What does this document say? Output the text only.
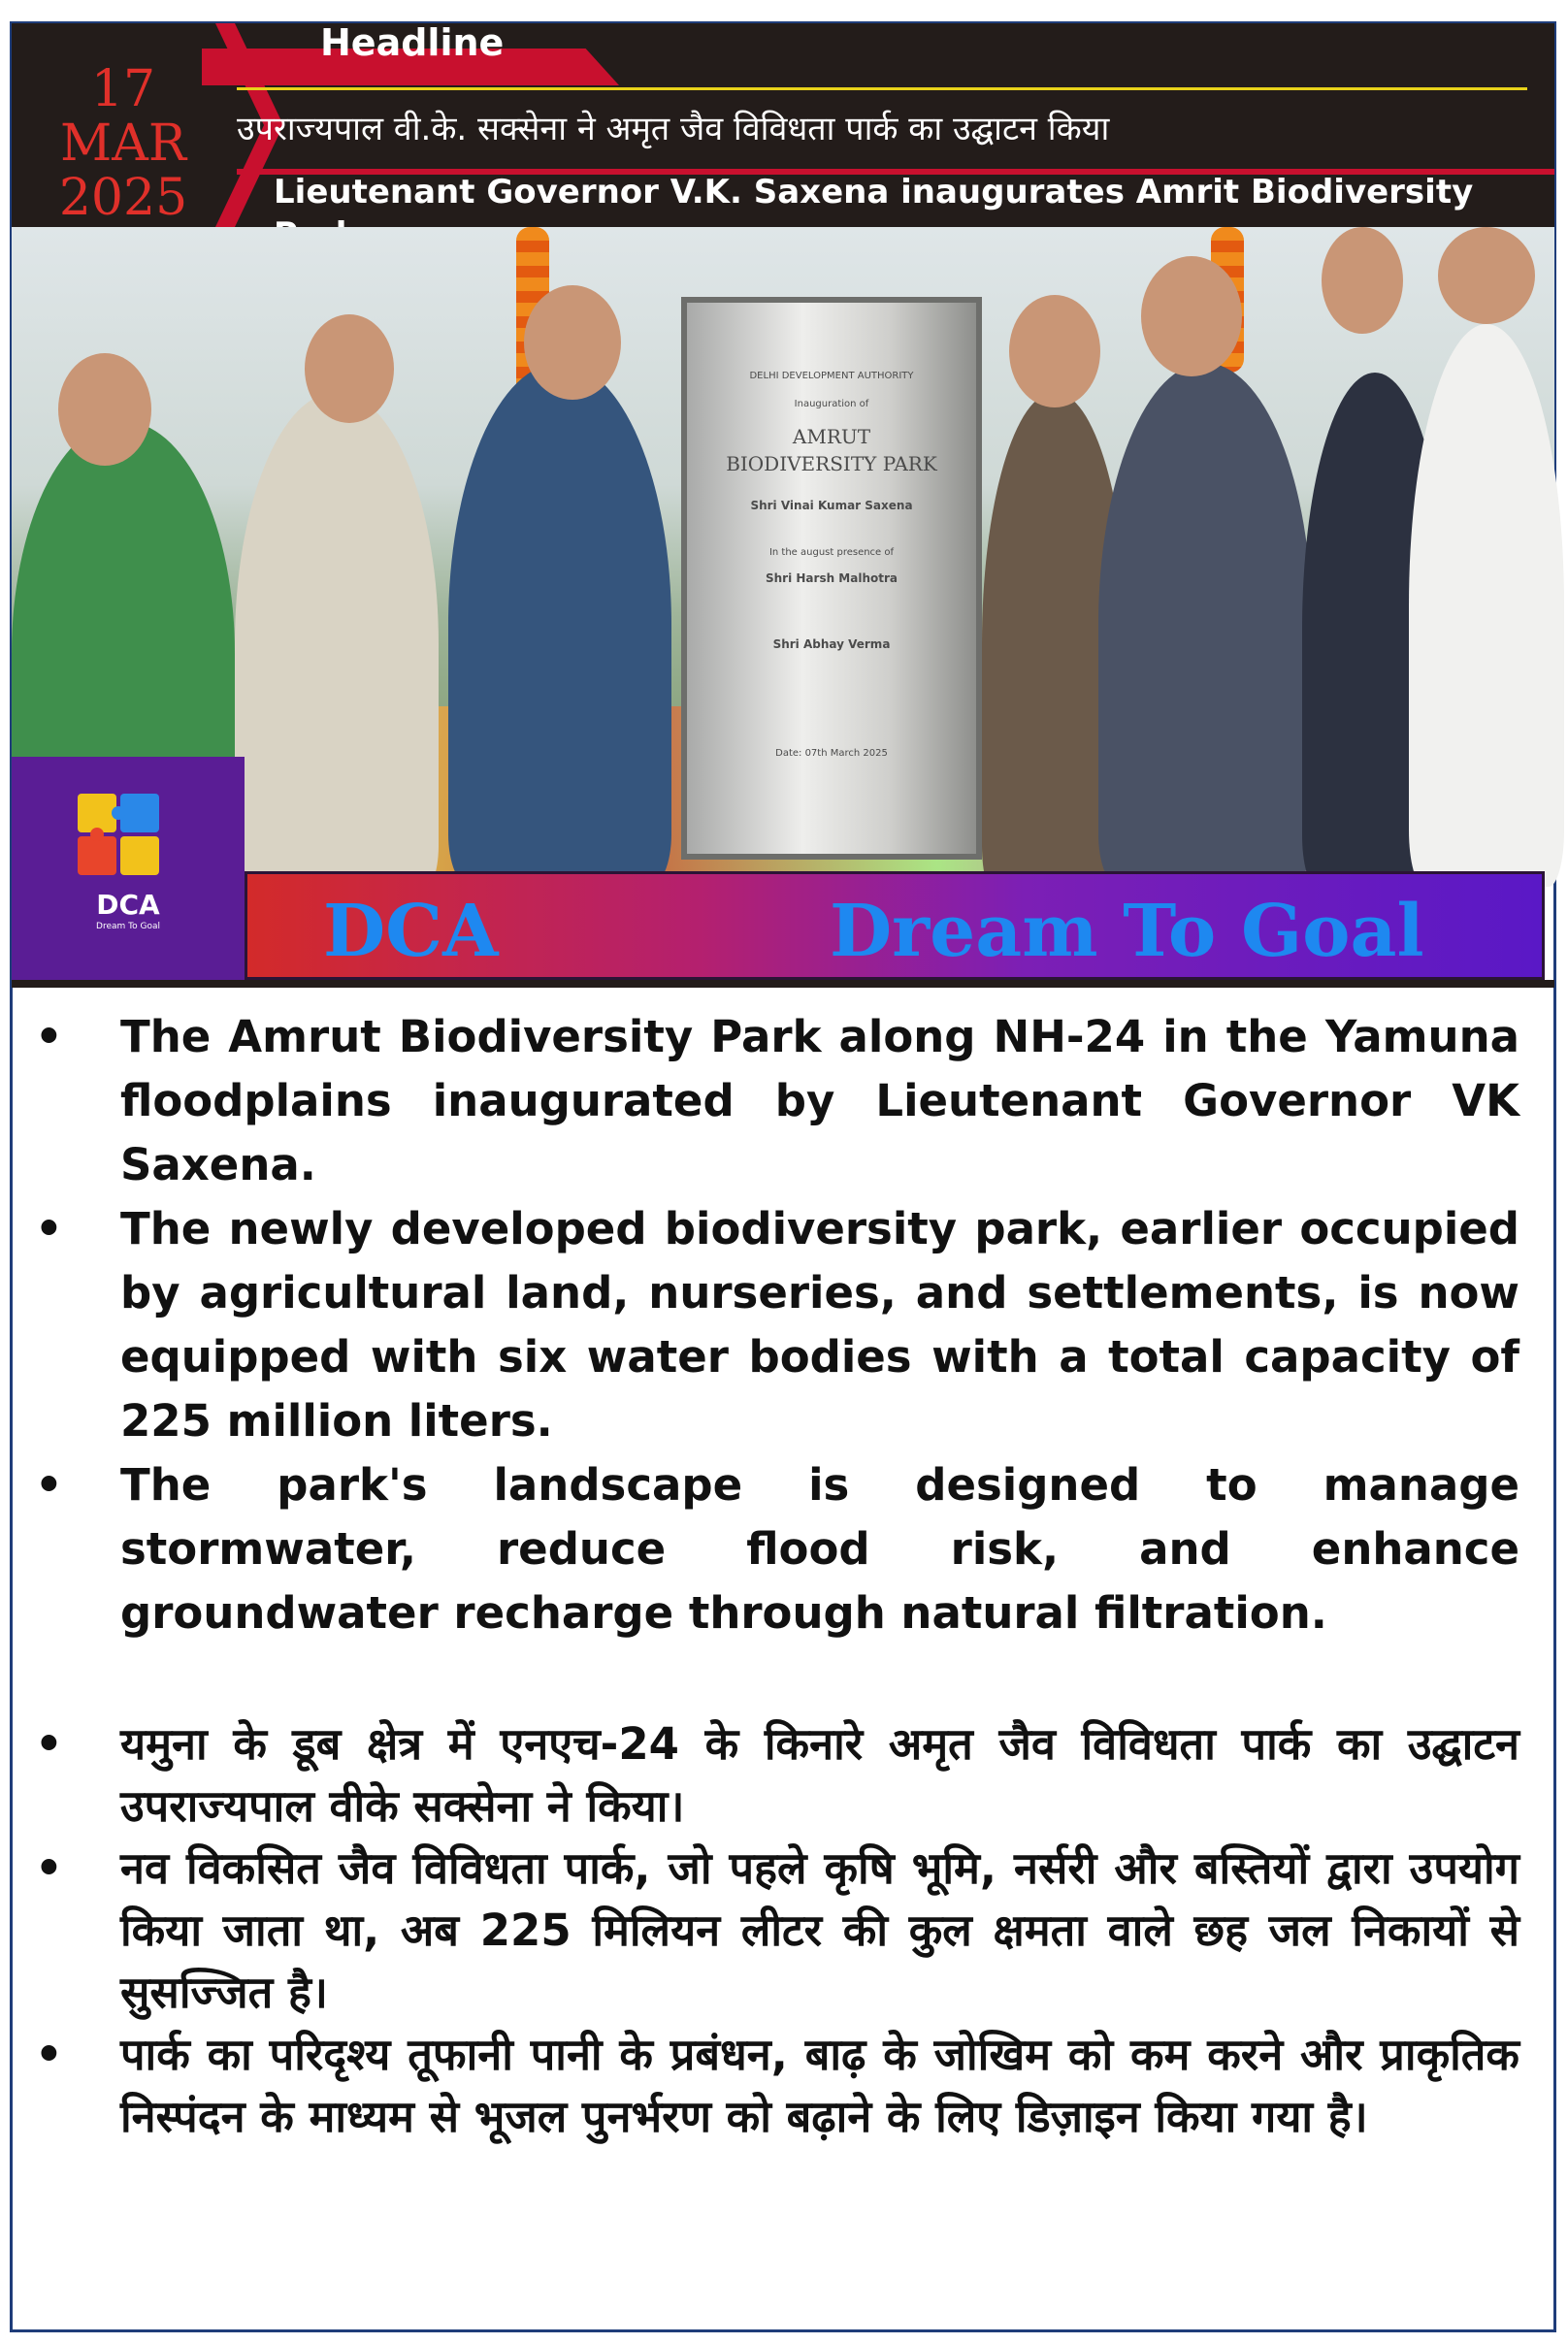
17
MAR
2025
उपराज्यपाल वी.के. सक्सेना ने अमृत जैव विविधता पार्क का उद्घाटन किया
Lieutenant Governor V.K. Saxena inaugurates Amrit Biodiversity
Headline
DELHI DEVELOPMENT AUTHORITY
Inauguration of
AMRUT
BIODIVERSITY PARK
Shri Vinai Kumar Saxena
In the august presence of
Shri Harsh Malhotra
Shri Abhay Verma
Date: 07th March 2025
DCA
Dream To Goal	DCA	Dream To Goal
• The Amrut Biodiversity Park along NH-24 in the Yamuna floodplains inaugurated by Lieutenant Governor VK Saxena.
• The newly developed biodiversity park, earlier occupied by agricultural land, nurseries, and settlements, is now equipped with six water bodies with a total capacity of 225 million liters.
• The park's landscape is designed to manage stormwater, reduce flood risk, and enhance groundwater recharge through natural filtration.
• यमुना के डूब क्षेत्र में एनएच-24 के किनारे अमृत जैव विविधता पार्क का उद्घाटन उपराज्यपाल वीके सक्सेना ने किया।
• नव विकसित जैव विविधता पार्क, जो पहले कृषि भूमि, नर्सरी और बस्तियों द्वारा उपयोग किया जाता था, अब 225 मिलियन लीटर की कुल क्षमता वाले छह जल निकायों से सुसज्जित है।
• पार्क का परिदृश्य तूफानी पानी के प्रबंधन, बाढ़ के जोखिम को कम करने और प्राकृतिक निस्पंदन के माध्यम से भूजल पुनर्भरण को बढ़ाने के लिए डिज़ाइन किया गया है।
